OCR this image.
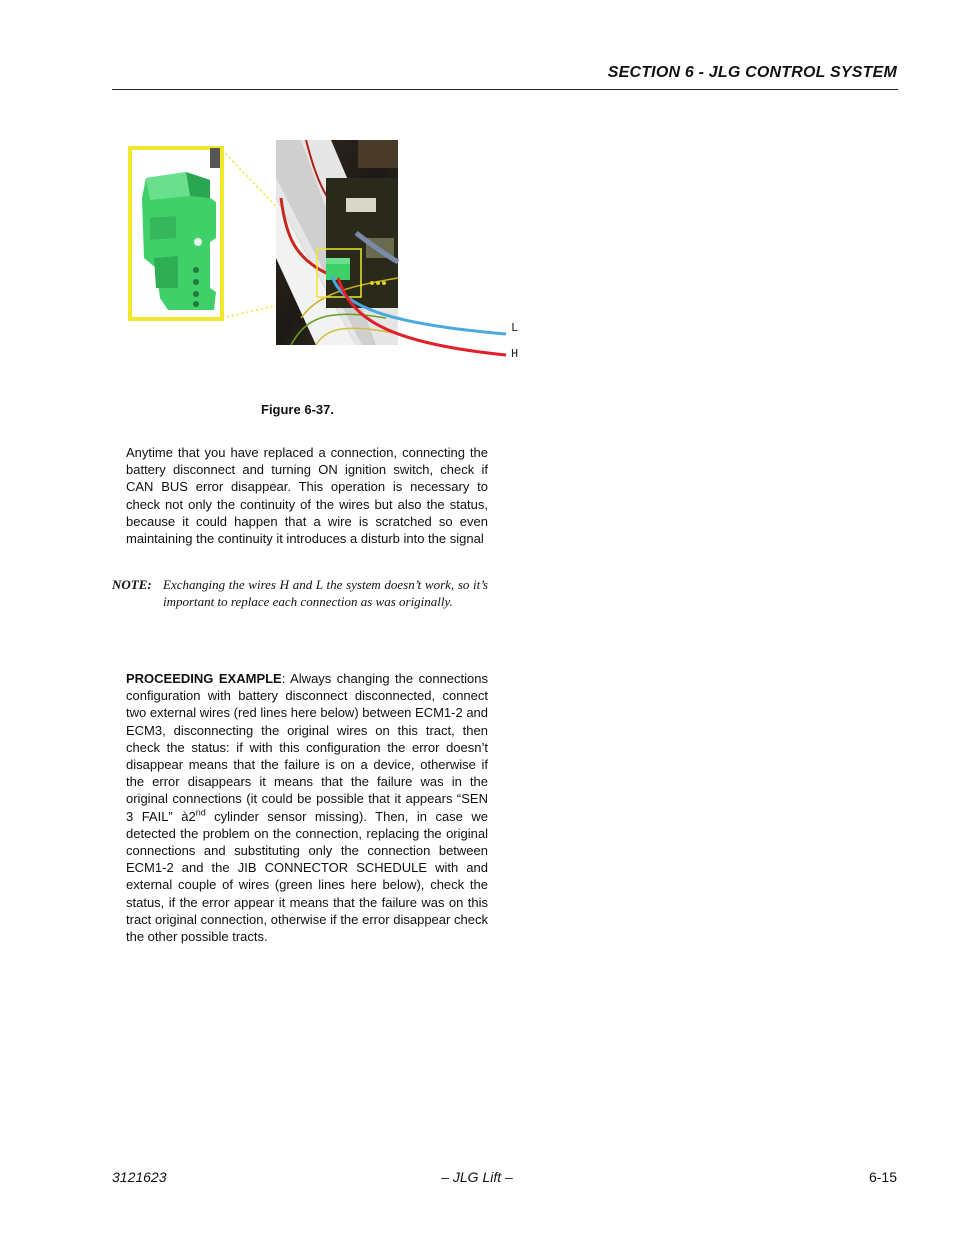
SECTION 6 - JLG CONTROL SYSTEM
L
H
Figure 6-37.

Anytime that you have replaced a connection, connecting the battery disconnect and turning ON ignition switch, check if CAN BUS error disappear. This operation is necessary to check not only the continuity of the wires but also the status, because it could happen that a wire is scratched so even maintaining the continuity it introduces a disturb into the signal

NOTE: Exchanging the wires H and L the system doesn’t work, so it’s important to replace each connection as was originally.

PROCEEDING EXAMPLE: Always changing the connections configuration with battery disconnect disconnected, connect two external wires (red lines here below) between ECM1-2 and ECM3, disconnecting the original wires on this tract, then check the status: if with this configuration the error doesn’t disappear means that the failure is on a device, otherwise if the error disappears it means that the failure was in the original connections (it could be possible that it appears “SEN 3 FAIL” à2nd cylinder sensor missing). Then, in case we detected the problem on the connection, replacing the original connections and substituting only the connection between ECM1-2 and the JIB CONNECTOR SCHEDULE with and external couple of wires (green lines here below), check the status, if the error appear it means that the failure was on this tract original connection, otherwise if the error disappear check the other possible tracts.

– JLG Lift –
3121623	6-15
